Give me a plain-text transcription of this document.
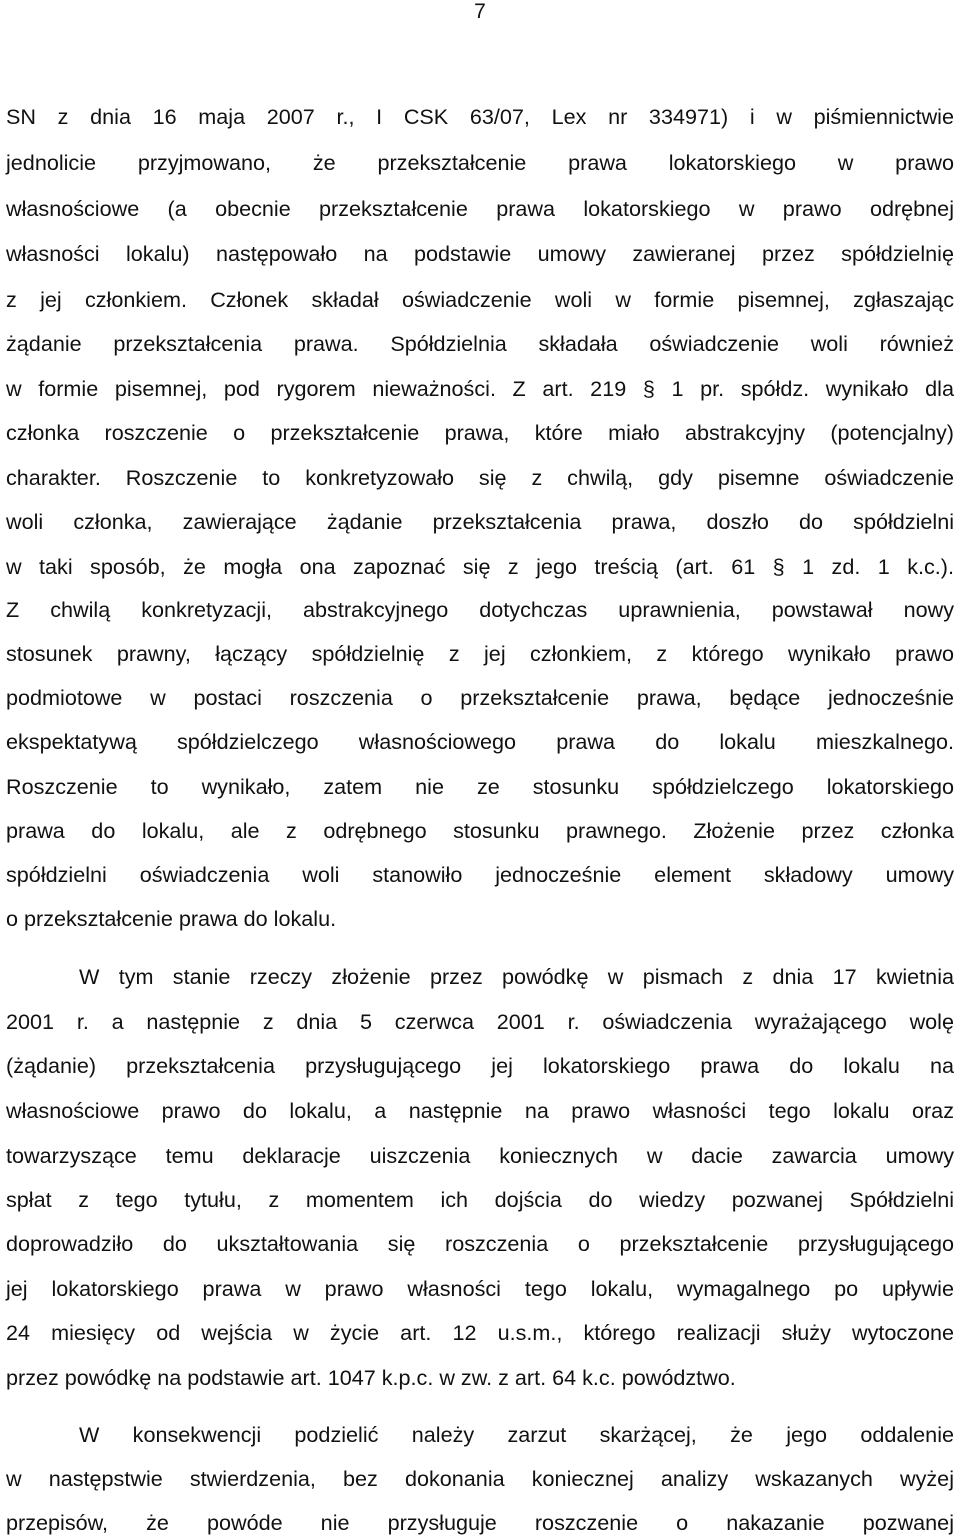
7
SN z dnia 16 maja 2007 r., I CSK 63/07, Lex nr 334971) i w piśmiennictwie
jednolicie przyjmowano, że przekształcenie prawa lokatorskiego w prawo
własnościowe (a obecnie przekształcenie prawa lokatorskiego w prawo odrębnej
własności lokalu) następowało na podstawie umowy zawieranej przez spółdzielnię
z jej członkiem. Członek składał oświadczenie woli w formie pisemnej, zgłaszając
żądanie przekształcenia prawa. Spółdzielnia składała oświadczenie woli również
w formie pisemnej, pod rygorem nieważności. Z art. 219 § 1 pr. spółdz. wynikało dla
członka roszczenie o przekształcenie prawa, które miało abstrakcyjny (potencjalny)
charakter. Roszczenie to konkretyzowało się z chwilą, gdy pisemne oświadczenie
woli członka, zawierające żądanie przekształcenia prawa, doszło do spółdzielni
w taki sposób, że mogła ona zapoznać się z jego treścią (art. 61 § 1 zd. 1 k.c.).
Z chwilą konkretyzacji, abstrakcyjnego dotychczas uprawnienia, powstawał nowy
stosunek prawny, łączący spółdzielnię z jej członkiem, z którego wynikało prawo
podmiotowe w postaci roszczenia o przekształcenie prawa, będące jednocześnie
ekspektatywą spółdzielczego własnościowego prawa do lokalu mieszkalnego.
Roszczenie to wynikało, zatem nie ze stosunku spółdzielczego lokatorskiego
prawa do lokalu, ale z odrębnego stosunku prawnego. Złożenie przez członka
spółdzielni oświadczenia woli stanowiło jednocześnie element składowy umowy
o przekształcenie prawa do lokalu.
W tym stanie rzeczy złożenie przez powódkę w pismach z dnia 17 kwietnia
2001 r. a następnie z dnia 5 czerwca 2001 r. oświadczenia wyrażającego wolę
(żądanie) przekształcenia przysługującego jej lokatorskiego prawa do lokalu na
własnościowe prawo do lokalu, a następnie na prawo własności tego lokalu oraz
towarzyszące temu deklaracje uiszczenia koniecznych w dacie zawarcia umowy
spłat z tego tytułu, z momentem ich dojścia do wiedzy pozwanej Spółdzielni
doprowadziło do ukształtowania się roszczenia o przekształcenie przysługującego
jej lokatorskiego prawa w prawo własności tego lokalu, wymagalnego po upływie
24 miesięcy od wejścia w życie art. 12 u.s.m., którego realizacji służy wytoczone
przez powódkę na podstawie art. 1047 k.p.c. w zw. z art. 64 k.c. powództwo.
W konsekwencji podzielić należy zarzut skarżącej, że jego oddalenie
w następstwie stwierdzenia, bez dokonania koniecznej analizy wskazanych wyżej
przepisów, że powóde nie przysługuje roszczenie o nakazanie pozwanej
